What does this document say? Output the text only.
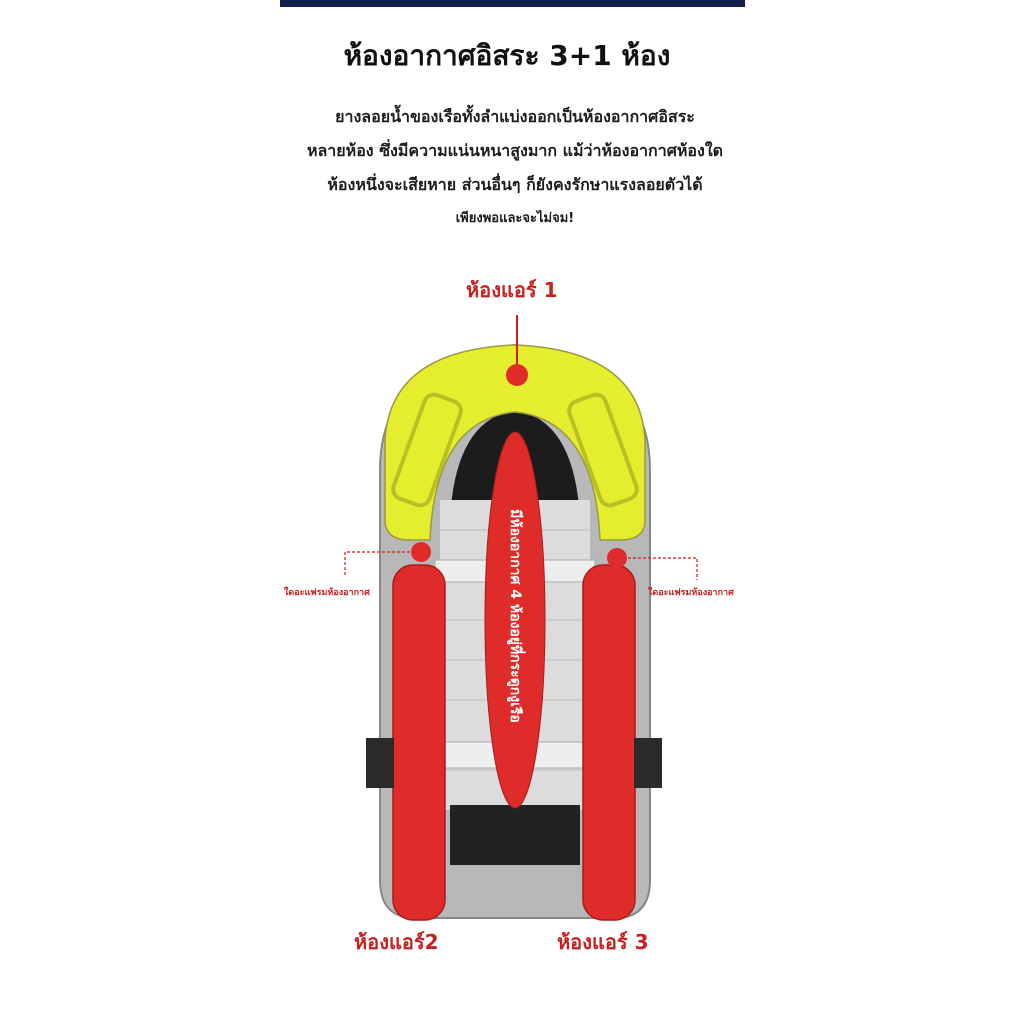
ห้องอากาศอิสระ 3+1 ห้อง
ยางลอยน้ำของเรือทั้งลำแบ่งออกเป็นห้องอากาศอิสระ
หลายห้อง ซึ่งมีความแน่นหนาสูงมาก แม้ว่าห้องอากาศห้องใด
ห้องหนึ่งจะเสียหาย ส่วนอื่นๆ ก็ยังคงรักษาแรงลอยตัวได้
เพียงพอและจะไม่จม!
มีห้องอากาศ 4 ห้องอยู่ที่กระดูกงูเรือ
ห้องแอร์ 1
ห้องแอร์2	ห้องแอร์ 3
ใดอะแฟรมห้องอากาศ	ใดอะแฟรมห้องอากาศ
